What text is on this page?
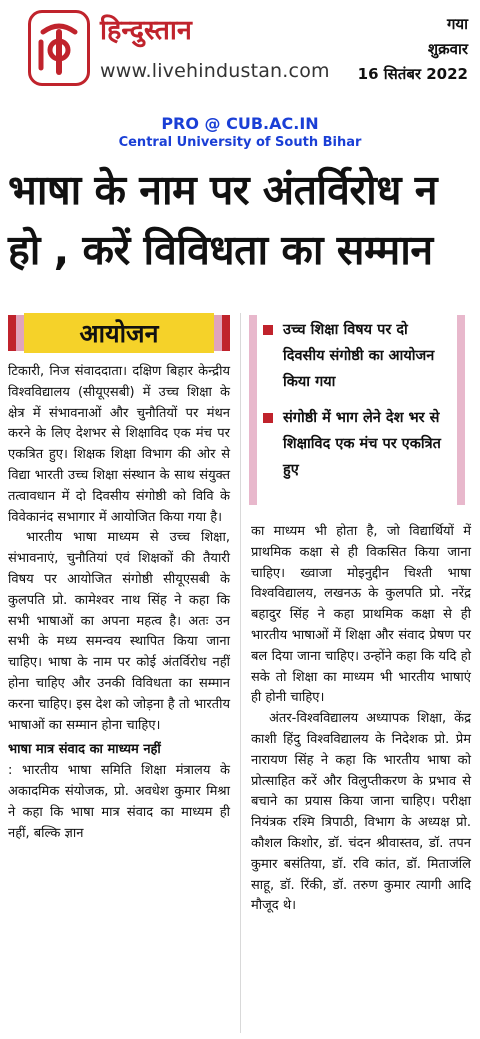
हिन्दुस्तान
www.livehindustan.com
गया
शुक्रवार
16 सितंबर 2022
PRO @ CUB.AC.IN
Central University of South Bihar
भाषा के नाम पर अंतर्विरोध न हो , करें विविधता का सम्मान
आयोजन

टिकारी, निज संवाददाता। दक्षिण बिहार केन्द्रीय विश्वविद्यालय (सीयूएसबी) में उच्च शिक्षा के क्षेत्र में संभावनाओं और चुनौतियों पर मंथन करने के लिए देशभर से शिक्षाविद एक मंच पर एकत्रित हुए। शिक्षक शिक्षा विभाग की ओर से विद्या भारती उच्च शिक्षा संस्थान के साथ संयुक्त तत्वावधान में दो दिवसीय संगोष्ठी को विवि के विवेकानंद सभागार में आयोजित किया गया है।

भारतीय भाषा माध्यम से उच्च शिक्षा, संभावनाएं, चुनौतियां एवं शिक्षकों की तैयारी विषय पर आयोजित संगोष्ठी सीयूएसबी के कुलपति प्रो. कामेश्वर नाथ सिंह ने कहा कि सभी भाषाओं का अपना महत्व है। अतः उन सभी के मध्य समन्वय स्थापित किया जाना चाहिए। भाषा के नाम पर कोई अंतर्विरोध नहीं होना चाहिए और उनकी विविधता का सम्मान करना चाहिए। इस देश को जोड़ना है तो भारतीय भाषाओं का सम्मान होना चाहिए।

भाषा मात्र संवाद का माध्यम नहीं

: भारतीय भाषा समिति शिक्षा मंत्रालय के अकादमिक संयोजक, प्रो. अवधेश कुमार मिश्रा ने कहा कि भाषा मात्र संवाद का माध्यम ही नहीं, बल्कि ज्ञान

उच्च शिक्षा विषय पर दो दिवसीय संगोष्ठी का आयोजन किया गया
संगोष्ठी में भाग लेने देश भर से शिक्षाविद एक मंच पर एकत्रित हुए

का माध्यम भी होता है, जो विद्यार्थियों में प्राथमिक कक्षा से ही विकसित किया जाना चाहिए। ख्वाजा मोइनुद्दीन चिश्ती भाषा विश्वविद्यालय, लखनऊ के कुलपति प्रो. नरेंद्र बहादुर सिंह ने कहा प्राथमिक कक्षा से ही भारतीय भाषाओं में शिक्षा और संवाद प्रेषण पर बल दिया जाना चाहिए। उन्होंने कहा कि यदि हो सके तो शिक्षा का माध्यम भी भारतीय भाषाएं ही होनी चाहिए।

अंतर-विश्वविद्यालय अध्यापक शिक्षा, केंद्र काशी हिंदु विश्वविद्यालय के निदेशक प्रो. प्रेम नारायण सिंह ने कहा कि भारतीय भाषा को प्रोत्साहित करें और विलुप्तीकरण के प्रभाव से बचाने का प्रयास किया जाना चाहिए। परीक्षा नियंत्रक रश्मि त्रिपाठी, विभाग के अध्यक्ष प्रो. कौशल किशोर, डॉ. चंदन श्रीवास्तव, डॉ. तपन कुमार बसंतिया, डॉ. रवि कांत, डॉ. मिताजंलि साहू, डॉ. रिंकी, डॉ. तरुण कुमार त्यागी आदि मौजूद थे।
